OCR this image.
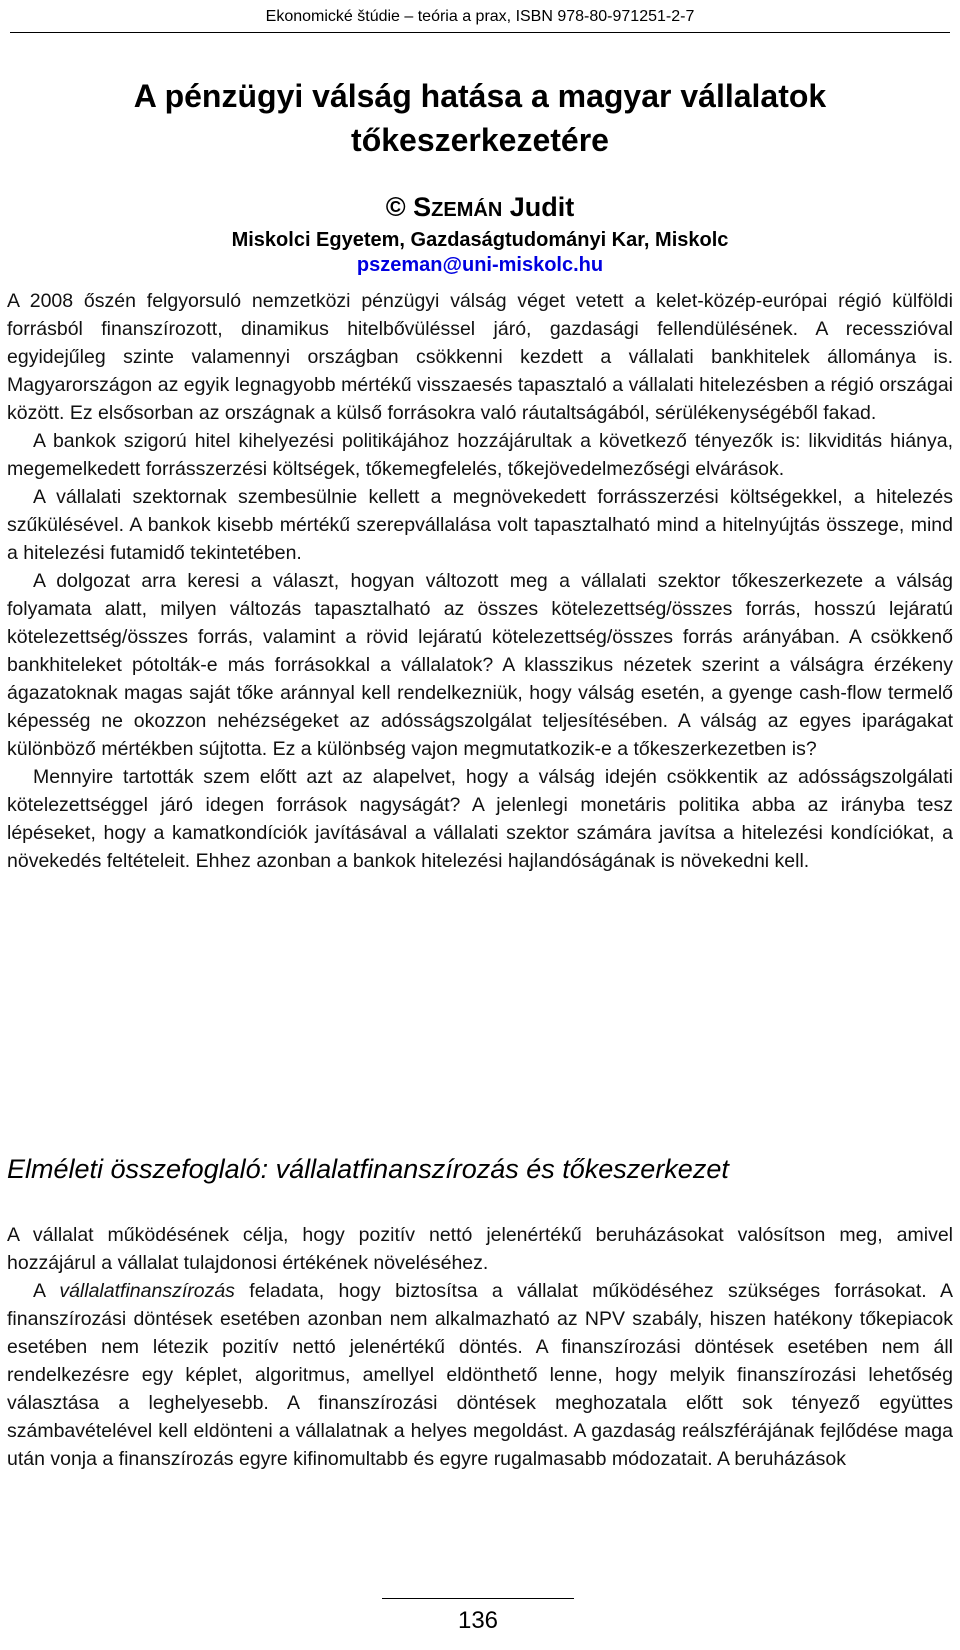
Ekonomické štúdie – teória a prax, ISBN 978-80-971251-2-7
A pénzügyi válság hatása a magyar vállalatok
tőkeszerkezetére
© SZEMÁN Judit
Miskolci Egyetem, Gazdaságtudományi Kar, Miskolc
pszeman@uni-miskolc.hu

A 2008 őszén felgyorsuló nemzetközi pénzügyi válság véget vetett a kelet-közép-európai régió külföldi forrásból finanszírozott, dinamikus hitelbővüléssel járó, gazdasági fellendülésének. A recesszióval egyidejűleg szinte valamennyi országban csökkenni kezdett a vállalati bankhitelek állománya is. Magyarországon az egyik legnagyobb mértékű visszaesés tapasztaló a vállalati hitelezésben a régió országai között. Ez elsősorban az országnak a külső forrásokra való ráutaltságából, sérülékenységéből fakad.

A bankok szigorú hitel kihelyezési politikájához hozzájárultak a következő tényezők is: likviditás hiánya, megemelkedett forrásszerzési költségek, tőkemegfelelés, tőkejövedelmezőségi elvárások.

A vállalati szektornak szembesülnie kellett a megnövekedett forrásszerzési költségekkel, a hitelezés szűkülésével. A bankok kisebb mértékű szerepvállalása volt tapasztalható mind a hitelnyújtás összege, mind a hitelezési futamidő tekintetében.

A dolgozat arra keresi a választ, hogyan változott meg a vállalati szektor tőkeszerkezete a válság folyamata alatt, milyen változás tapasztalható az összes kötelezettség/összes forrás, hosszú lejáratú kötelezettség/összes forrás, valamint a rövid lejáratú kötelezettség/összes forrás arányában. A csökkenő bankhiteleket pótolták-e más forrásokkal a vállalatok? A klasszikus nézetek szerint a válságra érzékeny ágazatoknak magas saját tőke aránnyal kell rendelkezniük, hogy válság esetén, a gyenge cash-flow termelő képesség ne okozzon nehézségeket az adósságszolgálat teljesítésében. A válság az egyes iparágakat különböző mértékben sújtotta. Ez a különbség vajon megmutatkozik-e a tőkeszerkezetben is?

Mennyire tartották szem előtt azt az alapelvet, hogy a válság idején csökkentik az adósságszolgálati kötelezettséggel járó idegen források nagyságát? A jelenlegi monetáris politika abba az irányba tesz lépéseket, hogy a kamatkondíciók javításával a vállalati szektor számára javítsa a hitelezési kondíciókat, a növekedés feltételeit. Ehhez azonban a bankok hitelezési hajlandóságának is növekedni kell.

Elméleti összefoglaló: vállalatfinanszírozás és tőkeszerkezet

A vállalat működésének célja, hogy pozitív nettó jelenértékű beruházásokat valósítson meg, amivel hozzájárul a vállalat tulajdonosi értékének növeléséhez.

A vállalatfinanszírozás feladata, hogy biztosítsa a vállalat működéséhez szükséges forrásokat. A finanszírozási döntések esetében azonban nem alkalmazható az NPV szabály, hiszen hatékony tőkepiacok esetében nem létezik pozitív nettó jelenértékű döntés. A finanszírozási döntések esetében nem áll rendelkezésre egy képlet, algoritmus, amellyel eldönthető lenne, hogy melyik finanszírozási lehetőség választása a leghelyesebb. A finanszírozási döntések meghozatala előtt sok tényező együttes számbavételével kell eldönteni a vállalatnak a helyes megoldást. A gazdaság reálszférájának fejlődése maga után vonja a finanszírozás egyre kifinomultabb és egyre rugalmasabb módozatait. A beruházások

136
